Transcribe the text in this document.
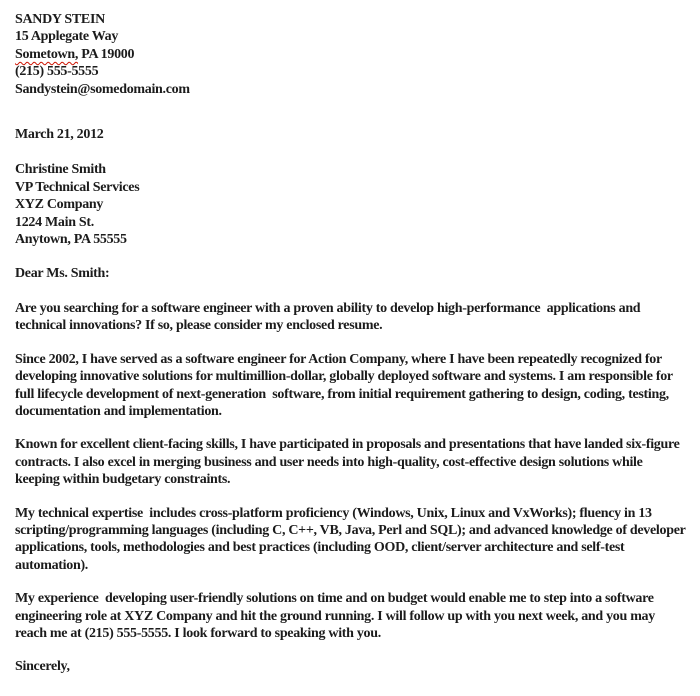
SANDY STEIN
15 Applegate Way
Sometown, PA 19000
(215) 555-5555
Sandystein@somedomain.com
March 21, 2012
Christine Smith
VP Technical Services
XYZ Company
1224 Main St.
Anytown, PA 55555
Dear Ms. Smith:

Are you searching for a software engineer with a proven ability to develop high-performance  applications and technical innovations? If so, please consider my enclosed resume.

Since 2002, I have served as a software engineer for Action Company, where I have been repeatedly recognized for developing innovative solutions for multimillion-dollar, globally deployed software and systems. I am responsible for full lifecycle development of next-generation  software, from initial requirement gathering to design, coding, testing, documentation and implementation.

Known for excellent client-facing skills, I have participated in proposals and presentations that have landed six-figure  contracts. I also excel in merging business and user needs into high-quality, cost-effective design solutions while keeping within budgetary constraints.

My technical expertise  includes cross-platform proficiency (Windows, Unix, Linux and VxWorks); fluency in 13 scripting/programming languages (including C, C++, VB, Java, Perl and SQL); and advanced knowledge of developer applications, tools, methodologies and best practices (including OOD, client/server architecture and self-test automation).

My experience  developing user-friendly solutions on time and on budget would enable me to step into a software engineering role at XYZ Company and hit the ground running. I will follow up with you next week, and you may reach me at (215) 555-5555. I look forward to speaking with you.

Sincerely,
